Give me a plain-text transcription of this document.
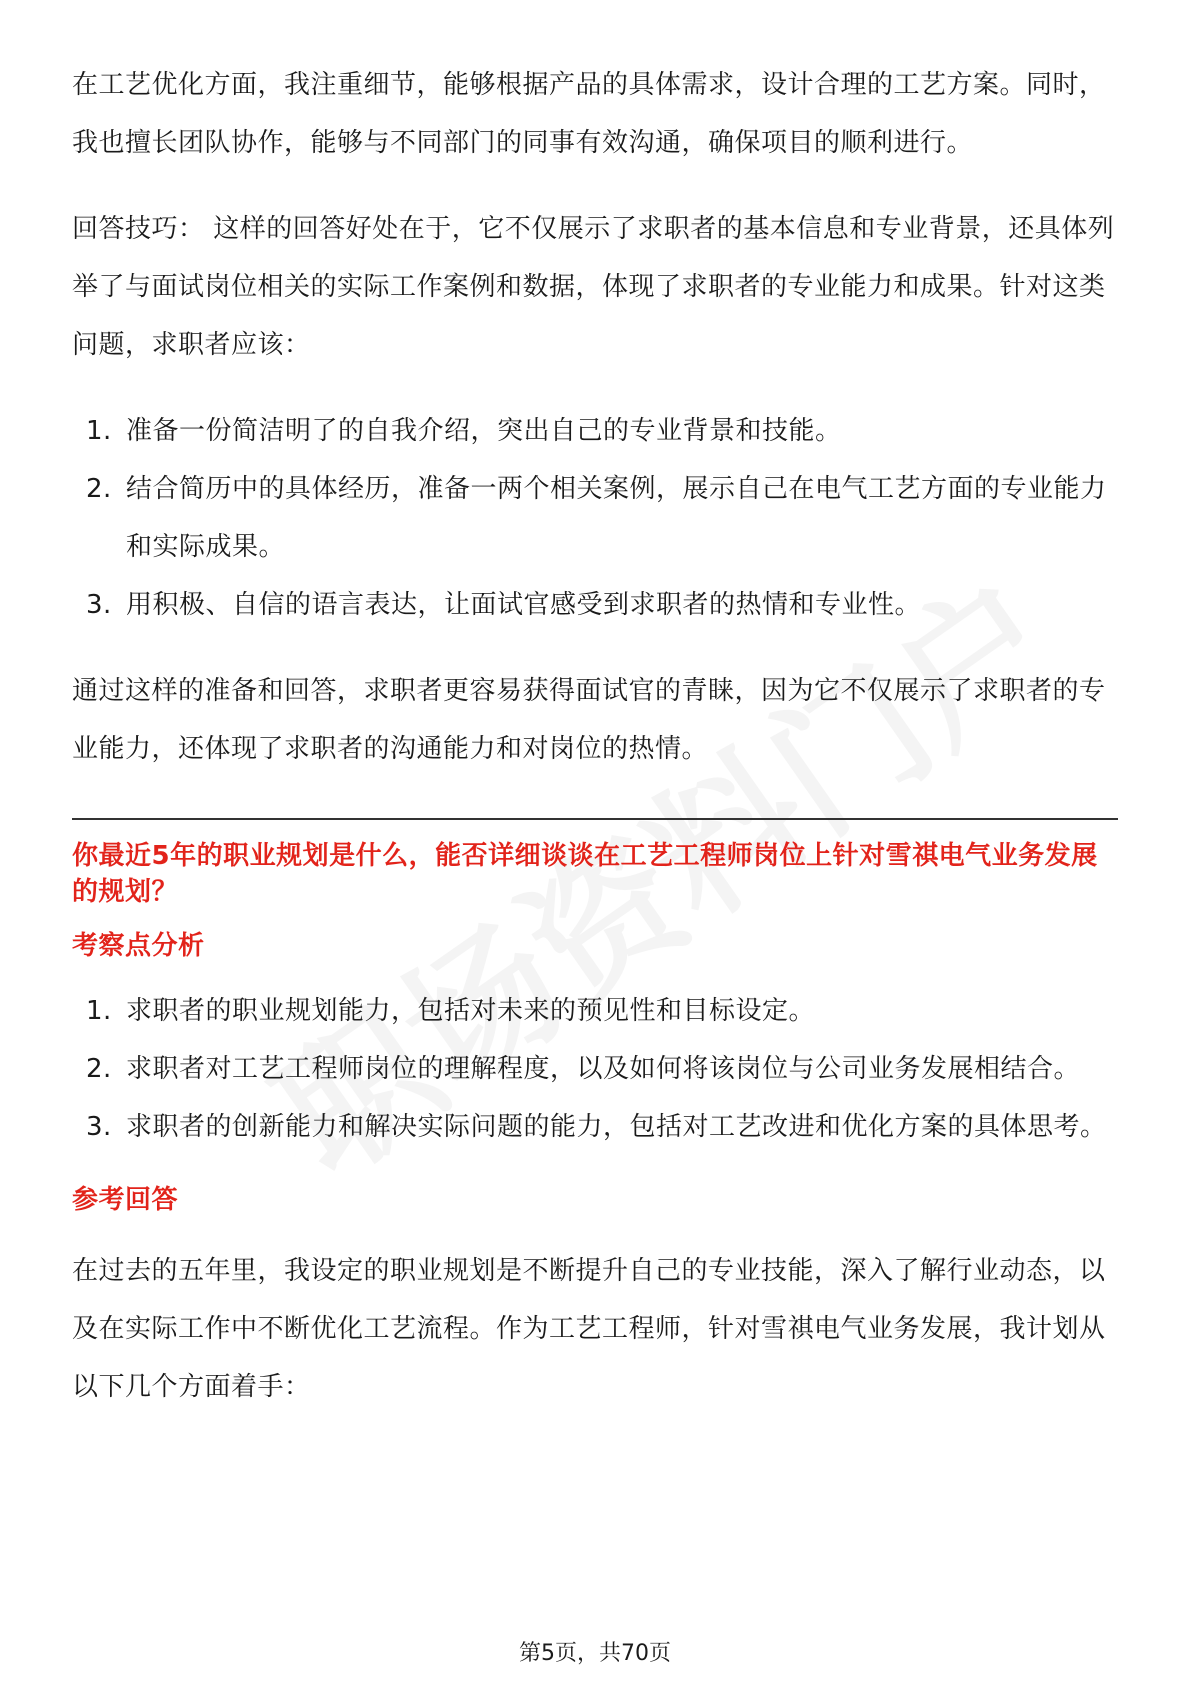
在工艺优化方面，我注重细节，能够根据产品的具体需求，设计合理的工艺方案。同时，我也擅长团队协作，能够与不同部门的同事有效沟通，确保项目的顺利进行。

回答技巧： 这样的回答好处在于，它不仅展示了求职者的基本信息和专业背景，还具体列举了与面试岗位相关的实际工作案例和数据，体现了求职者的专业能力和成果。针对这类问题，求职者应该：

1. 准备一份简洁明了的自我介绍，突出自己的专业背景和技能。
2. 结合简历中的具体经历，准备一两个相关案例，展示自己在电气工艺方面的专业能力和实际成果。
3. 用积极、自信的语言表达，让面试官感受到求职者的热情和专业性。

通过这样的准备和回答，求职者更容易获得面试官的青睐，因为它不仅展示了求职者的专业能力，还体现了求职者的沟通能力和对岗位的热情。

你最近5年的职业规划是什么，能否详细谈谈在工艺工程师岗位上针对雪祺电气业务发展的规划？

考察点分析

1. 求职者的职业规划能力，包括对未来的预见性和目标设定。
2. 求职者对工艺工程师岗位的理解程度，以及如何将该岗位与公司业务发展相结合。
3. 求职者的创新能力和解决实际问题的能力，包括对工艺改进和优化方案的具体思考。

参考回答

在过去的五年里，我设定的职业规划是不断提升自己的专业技能，深入了解行业动态，以及在实际工作中不断优化工艺流程。作为工艺工程师，针对雪祺电气业务发展，我计划从以下几个方面着手：

第5页，共70页
